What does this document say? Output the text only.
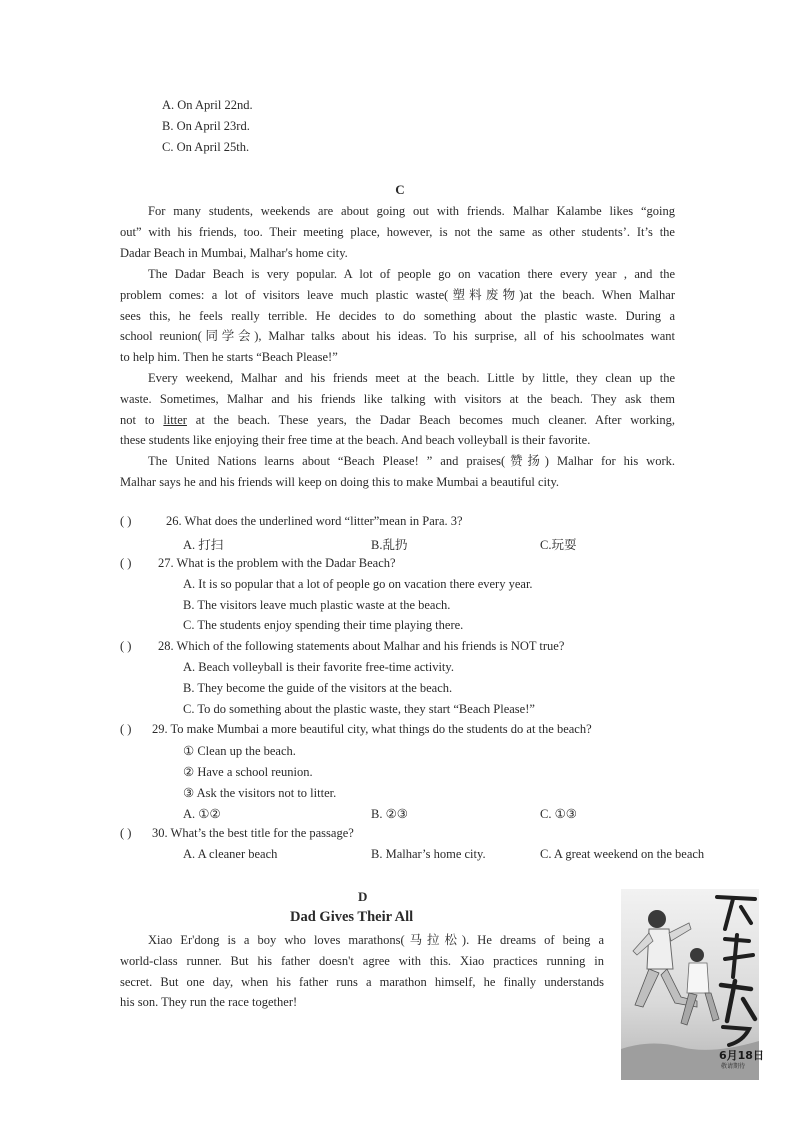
A. On April 22nd.
B. On April 23rd.
C. On April 25th.
C
For many students, weekends are about going out with friends. Malhar Kalambe likes “going
out” with his friends, too. Their meeting place, however, is not the same as other students’. It’s the
Dadar Beach in Mumbai, Malhar's home city.
The Dadar Beach is very popular. A lot of people go on vacation there every year , and the
problem comes: a lot of visitors leave much plastic waste(塑料废物)at the beach. When Malhar
sees this, he feels really terrible. He decides to do something about the plastic waste. During a
school reunion(同学会), Malhar talks about his ideas. To his surprise, all of his schoolmates want
to help him. Then he starts “Beach Please!”
Every weekend, Malhar and his friends meet at the beach. Little by little, they clean up the
waste. Sometimes, Malhar and his friends like talking with visitors at the beach. They ask them
not to litter at the beach. These years, the Dadar Beach becomes much cleaner. After working,
these students like enjoying their free time at the beach. And beach volleyball is their favorite.
The United Nations learns about “Beach Please! ” and praises(赞扬) Malhar for his work.
Malhar says he and his friends will keep on doing this to make Mumbai a beautiful city.
( )	26. What does the underlined word “litter”mean in Para. 3?
A. 打扫	B.乱扔	C.玩耍
( ) 27. What is the problem with the Dadar Beach?
A. It is so popular that a lot of people go on vacation there every year.
B. The visitors leave much plastic waste at the beach.
C. The students enjoy spending their time playing there.
( ) 28. Which of the following statements about Malhar and his friends is NOT true?
A. Beach volleyball is their favorite free-time activity.
B. They become the guide of the visitors at the beach.
C. To do something about the plastic waste, they start “Beach Please!”
( ) 29. To make Mumbai a more beautiful city, what things do the students do at the beach?
① Clean up the beach.
② Have a school reunion.
③ Ask the visitors not to litter.
A. ①②	B. ②③	C. ①③
( ) 30. What’s the best title for the passage?
A. A cleaner beach	B. Malhar’s home city.	C. A great weekend on the beach
D
Dad Gives Their All
Xiao Er'dong is a boy who loves marathons(马拉松). He dreams of being a
world-class runner. But his father doesn't agree with this. Xiao practices running in
secret. But one day, when his father runs a marathon himself, he finally understands
his son. They run the race together!
6月18日
敬请期待
